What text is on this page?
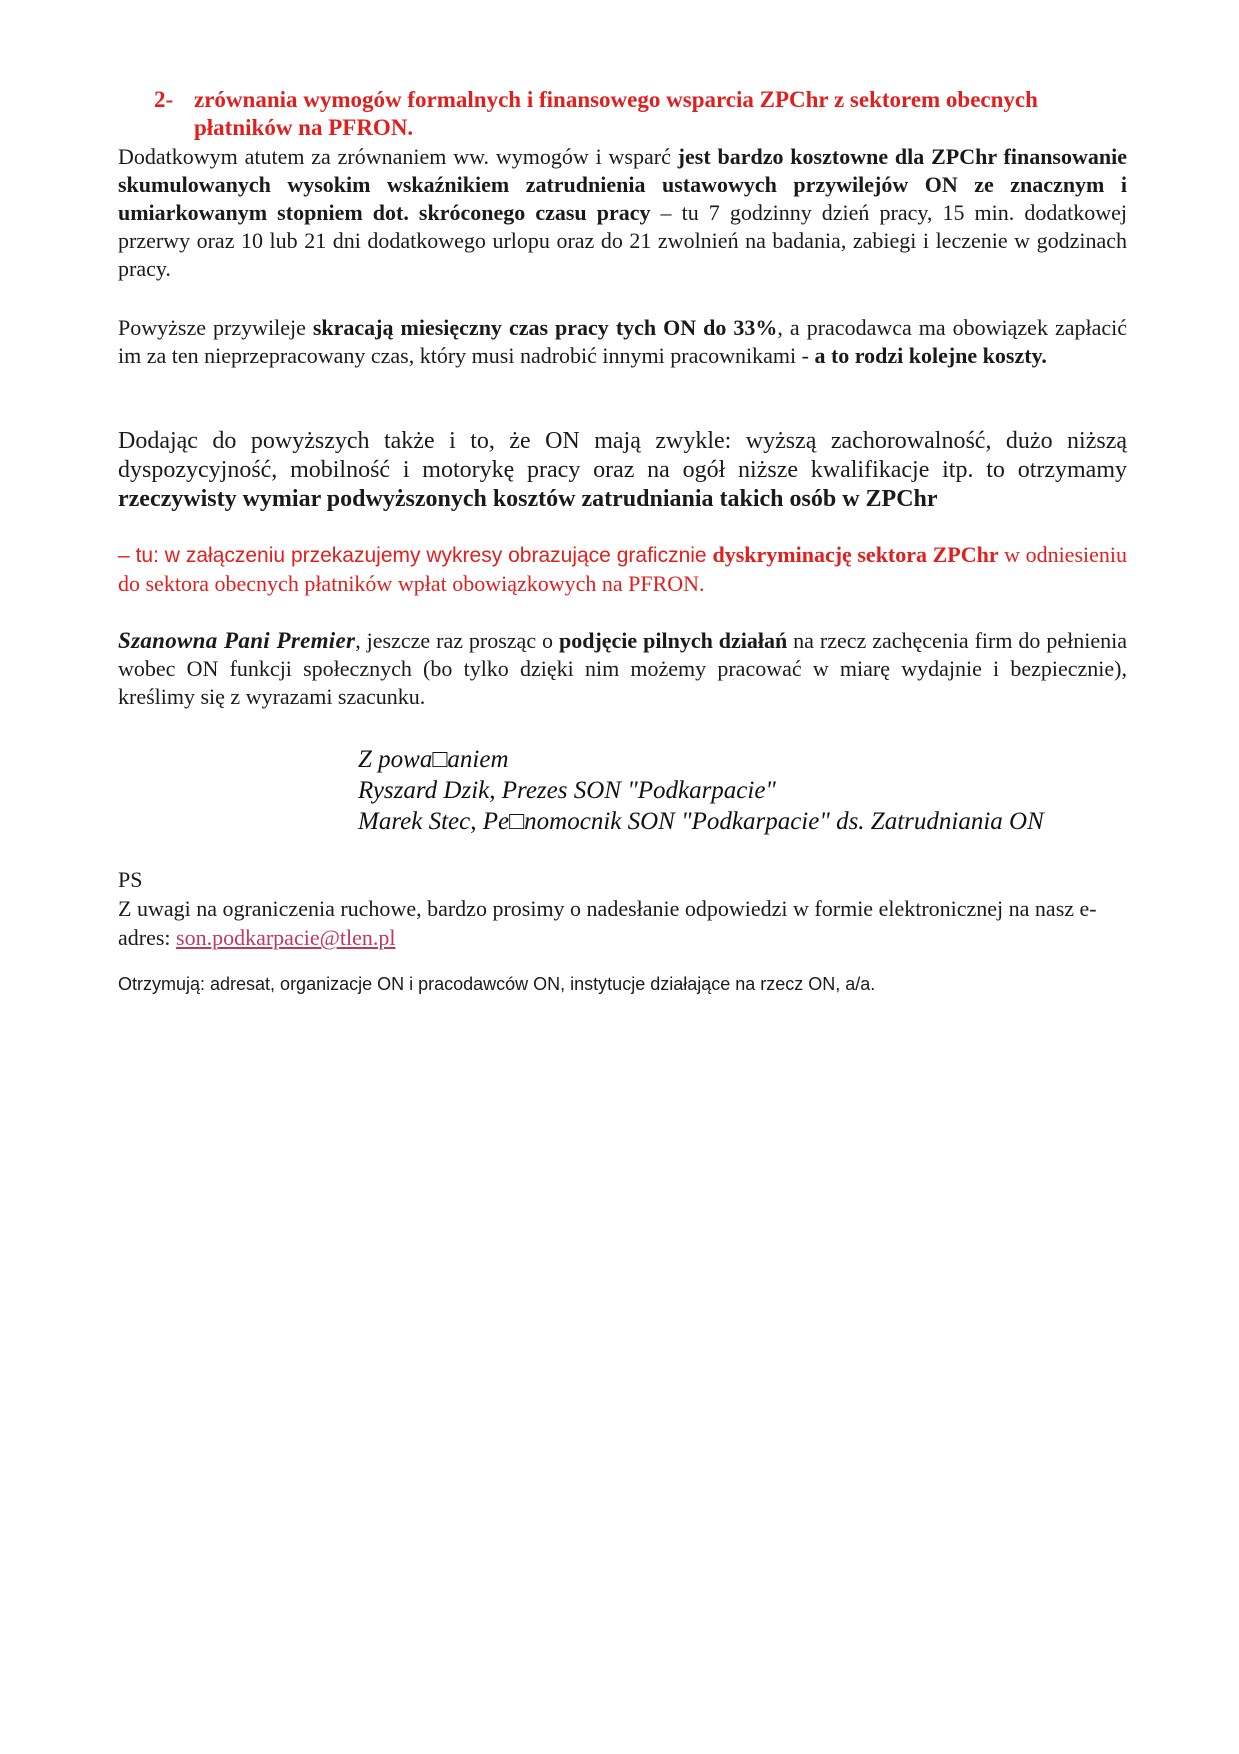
2- zrównania wymogów formalnych i finansowego wsparcia ZPChr z sektorem obecnych płatników na PFRON.
Dodatkowym atutem za zrównaniem ww. wymogów i wsparć jest bardzo kosztowne dla ZPChr finansowanie skumulowanych wysokim wskaźnikiem zatrudnienia ustawowych przywilejów ON ze znacznym i umiarkowanym stopniem dot. skróconego czasu pracy – tu 7 godzinny dzień pracy, 15 min. dodatkowej przerwy oraz 10 lub 21 dni dodatkowego urlopu oraz do 21 zwolnień na badania, zabiegi i leczenie w godzinach pracy.
Powyższe przywileje skracają miesięczny czas pracy tych ON do 33%, a pracodawca ma obowiązek zapłacić im za ten nieprzepracowany czas, który musi nadrobić innymi pracownikami - a to rodzi kolejne koszty.
Dodając do powyższych także i to, że ON mają zwykle: wyższą zachorowalność, dużo niższą dyspozycyjność, mobilność i motorykę pracy oraz na ogół niższe kwalifikacje itp. to otrzymamy rzeczywisty wymiar podwyższonych kosztów zatrudniania takich osób w ZPChr
– tu: w załączeniu przekazujemy wykresy obrazujące graficznie dyskryminację sektora ZPChr w odniesieniu do sektora obecnych płatników wpłat obowiązkowych na PFRON.
Szanowna Pani Premier, jeszcze raz prosząc o podjęcie pilnych działań na rzecz zachęcenia firm do pełnienia wobec ON funkcji społecznych (bo tylko dzięki nim możemy pracować w miarę wydajnie i bezpiecznie), kreślimy się z wyrazami szacunku.
Z powa□aniem
Ryszard Dzik, Prezes SON "Podkarpacie"
Marek Stec, Pe□nomocnik SON "Podkarpacie" ds. Zatrudniania ON
PS
Z uwagi na ograniczenia ruchowe, bardzo prosimy o nadesłanie odpowiedzi w formie elektronicznej na nasz e-adres: son.podkarpacie@tlen.pl
Otrzymują: adresat, organizacje ON i pracodawców ON, instytucje działające na rzecz ON, a/a.
